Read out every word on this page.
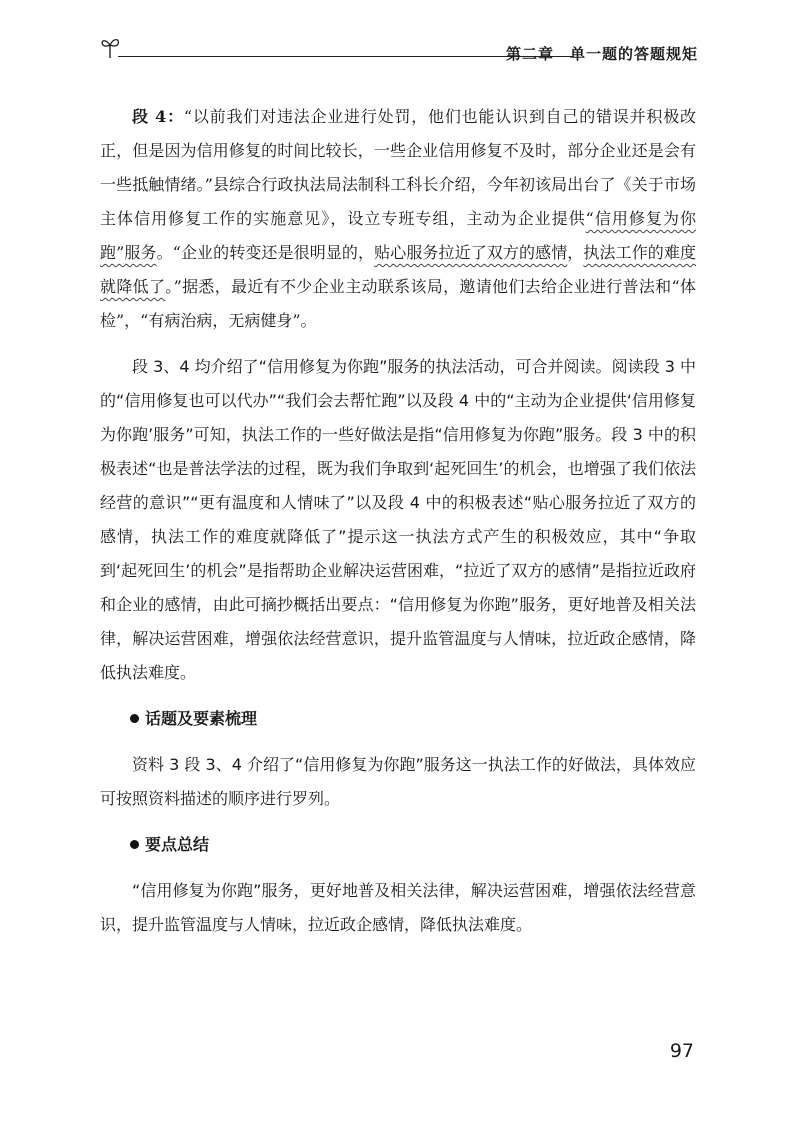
第二章 单一题的答题规矩

段 4：“以前我们对违法企业进行处罚，他们也能认识到自己的错误并积极改正，但是因为信用修复的时间比较长，一些企业信用修复不及时，部分企业还是会有一些抵触情绪。”县综合行政执法局法制科工科长介绍，今年初该局出台了《关于市场主体信用修复工作的实施意见》，设立专班专组，主动为企业提供“信用修复为你跑”服务。“企业的转变还是很明显的，贴心服务拉近了双方的感情，执法工作的难度就降低了。”据悉，最近有不少企业主动联系该局，邀请他们去给企业进行普法和“体检”，“有病治病，无病健身”。

段 3、4 均介绍了“信用修复为你跑”服务的执法活动，可合并阅读。阅读段 3 中的“信用修复也可以代办”“我们会去帮忙跑”以及段 4 中的“主动为企业提供‘信用修复为你跑’服务”可知，执法工作的一些好做法是指“信用修复为你跑”服务。段 3 中的积极表述“也是普法学法的过程，既为我们争取到‘起死回生’的机会，也增强了我们依法经营的意识”“更有温度和人情味了”以及段 4 中的积极表述“贴心服务拉近了双方的感情，执法工作的难度就降低了”提示这一执法方式产生的积极效应，其中“争取到‘起死回生’的机会”是指帮助企业解决运营困难，“拉近了双方的感情”是指拉近政府和企业的感情，由此可摘抄概括出要点：“信用修复为你跑”服务，更好地普及相关法律，解决运营困难，增强依法经营意识，提升监管温度与人情味，拉近政企感情，降低执法难度。

话题及要素梳理

资料 3 段 3、4 介绍了“信用修复为你跑”服务这一执法工作的好做法，具体效应可按照资料描述的顺序进行罗列。

要点总结

“信用修复为你跑”服务，更好地普及相关法律，解决运营困难，增强依法经营意识，提升监管温度与人情味，拉近政企感情，降低执法难度。

97
